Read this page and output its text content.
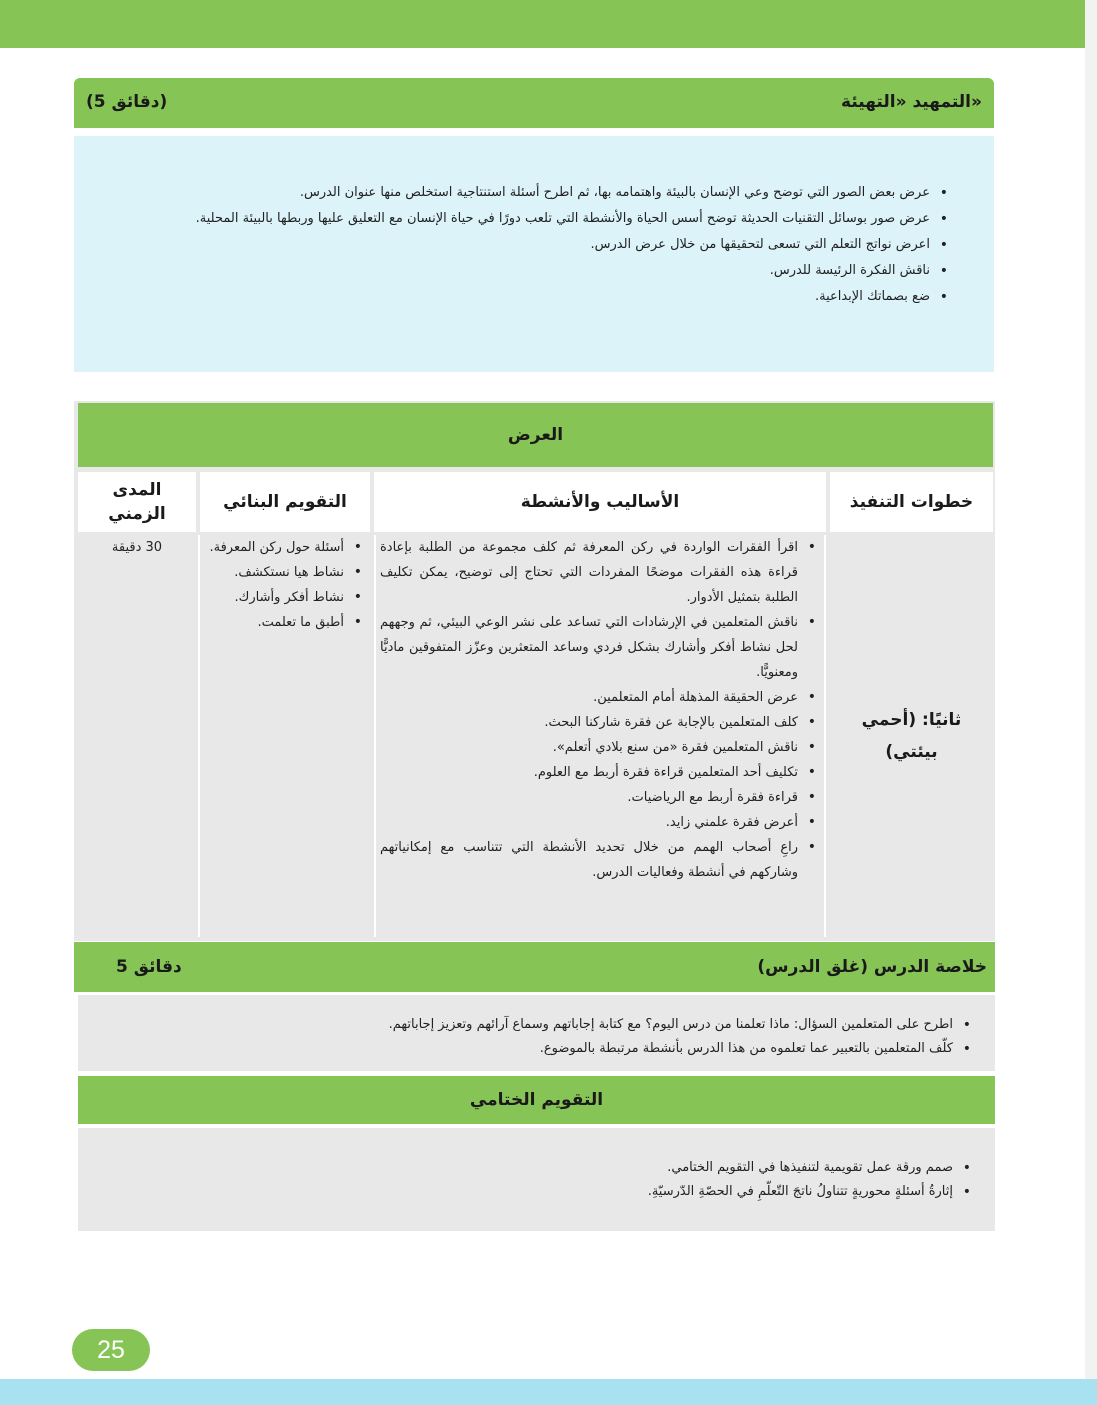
التمهيد «التهيئة»
(5 دقائق)
• عرض بعض الصور التي توضح وعي الإنسان بالبيئة واهتمامه بها، ثم اطرح أسئلة استنتاجية استخلص منها عنوان الدرس.
• عرض صور بوسائل التقنيات الحديثة توضح أسس الحياة والأنشطة التي تلعب دورًا في حياة الإنسان مع التعليق عليها وربطها بالبيئة المحلية.
• اعرض نواتج التعلم التي تسعى لتحقيقها من خلال عرض الدرس.
• ناقش الفكرة الرئيسة للدرس.
• ضع بصماتك الإبداعية.
العرض
خطوات التنفيذ
الأساليب والأنشطة
التقويم البنائي
المدى الزمني
ثانيًا: (أحمي بيئتي)
• اقرأ الفقرات الواردة في ركن المعرفة ثم كلف مجموعة من الطلبة بإعادة قراءة هذه الفقرات موضحًا المفردات التي تحتاج إلى توضيح، يمكن تكليف الطلبة بتمثيل الأدوار.
• ناقش المتعلمين في الإرشادات التي تساعد على نشر الوعي البيئي، ثم وجههم لحل نشاط أفكر وأشارك بشكل فردي وساعد المتعثرين وعزّز المتفوقين ماديًّا ومعنويًّا.
• عرض الحقيقة المذهلة أمام المتعلمين.
• كلف المتعلمين بالإجابة عن فقرة شاركنا البحث.
• ناقش المتعلمين فقرة «من سنع بلادي أتعلم».
• تكليف أحد المتعلمين قراءة فقرة أربط مع العلوم.
• قراءة فقرة أربط مع الرياضيات.
• أعرض فقرة علمني زايد.
• راعِ أصحاب الهمم من خلال تحديد الأنشطة التي تتناسب مع إمكانياتهم وشاركهم في أنشطة وفعاليات الدرس.
• أسئلة حول ركن المعرفة.
• نشاط هيا نستكشف.
• نشاط أفكر وأشارك.
• أطبق ما تعلمت.
30 دقيقة
خلاصة الدرس (غلق الدرس)
5 دقائق
• اطرح على المتعلمين السؤال: ماذا تعلمنا من درس اليوم؟ مع كتابة إجاباتهم وسماع آرائهم وتعزيز إجاباتهم.
• كلّف المتعلمين بالتعبير عما تعلموه من هذا الدرس بأنشطة مرتبطة بالموضوع.
التقويم الختامي
• صمم ورقة عمل تقويمية لتنفيذها في التقويم الختامي.
• إثارةُ أسئلةٍ محوريةٍ تتناولُ ناتجَ التّعلّمِ في الحصّةِ الدّرسيّةِ.
25
